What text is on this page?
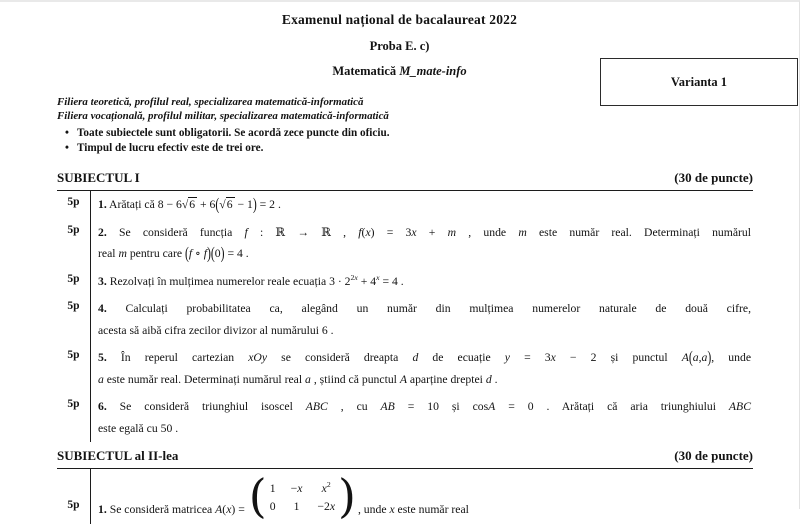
Examenul național de bacalaureat 2022
Proba E. c)
Matematică M_mate-info
Varianta 1
Filiera teoretică, profilul real, specializarea matematică-informatică
Filiera vocațională, profilul militar, specializarea matematică-informatică
• Toate subiectele sunt obligatorii. Se acordă zece puncte din oficiu.
• Timpul de lucru efectiv este de trei ore.
SUBIECTUL I	(30 de puncte)
5p	1. Arătați că 8 − 6√6 + 6(√6 − 1) = 2 .
5p	2. Se consideră funcția f : ℝ → ℝ , f(x) = 3x + m , unde m este număr real. Determinați numărul
real m pentru care (f ∘ f)(0) = 4 .
5p	3. Rezolvați în mulțimea numerelor reale ecuația $3 \cdot 2^{2x} + 4^x = 4$ .
5p	4. Calculați probabilitatea ca, alegând un număr din mulțimea numerelor naturale de două cifre,
acesta să aibă cifra zecilor divizor al numărului 6 .
5p	5. În reperul cartezian xOy se consideră dreapta d de ecuație y = 3x − 2 și punctul A(a,a), unde
a este număr real. Determinați numărul real a , știind că punctul A aparține dreptei d .
5p	6. Se consideră triunghiul isoscel ABC , cu AB = 10 și cosA = 0 . Arătați că aria triunghiului ABC
este egală cu 50 .
SUBIECTUL al II-lea	(30 de puncte)
5p	1. Se consideră matricea A(x) = ( 1 −x	$x^2$
0 1 −2x ) , unde x este număr real
